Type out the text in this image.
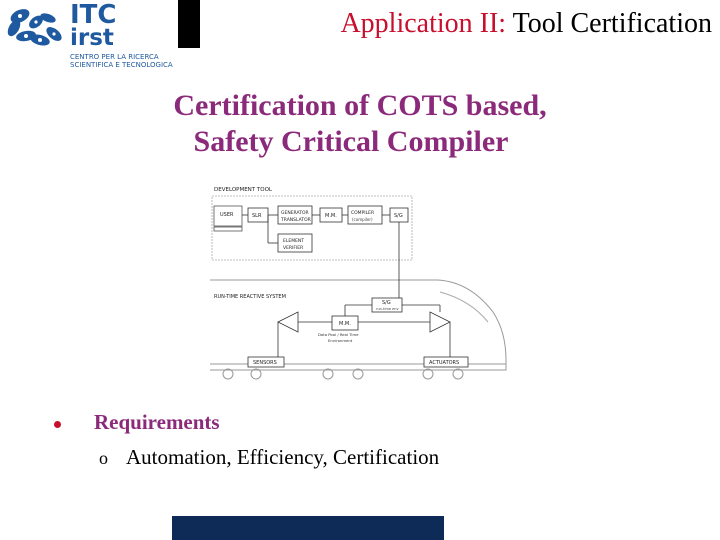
ITC
irst
CENTRO PER LA RICERCA
SCIENTIFICA E TECNOLOGICA
Application II: Tool Certification
Certification of COTS based,
Safety Critical Compiler
DEVELOPMENT TOOL
USER	SLR	GENERATOR
TRANSLATOR
M.M.	COMPILER
(compiler)
S/G
ELEMENT
VERIFIER
RUN-TIME REACTIVE SYSTEM
S/G
run-time env
M.M.
Data Pool / Real Time
Environment
SENSORS	ACTUATORS
Requirements
o Automation, Efficiency, Certification
